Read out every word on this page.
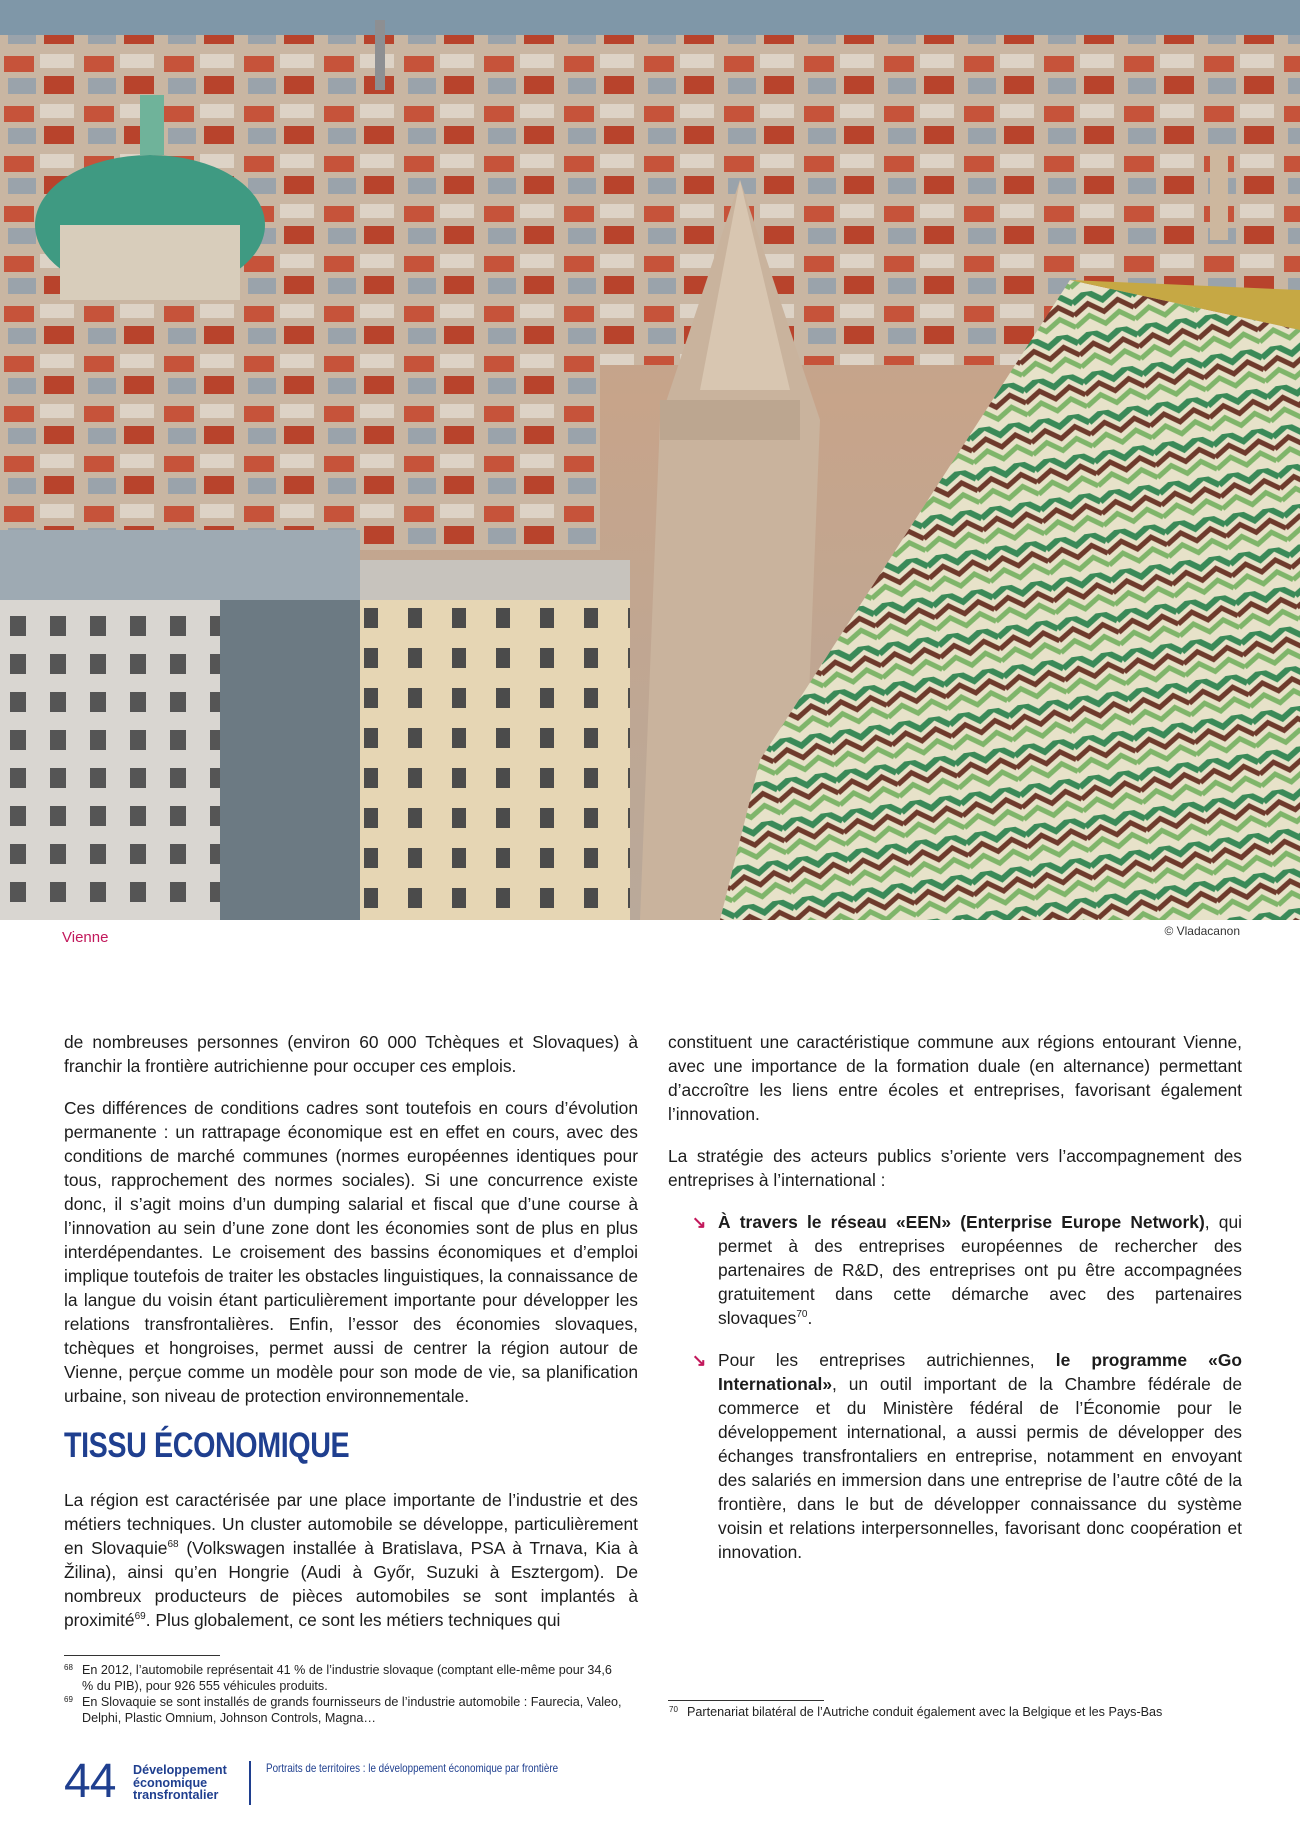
Vienne	© Vladacanon

de nombreuses personnes (environ 60 000 Tchèques et Slovaques) à franchir la frontière autrichienne pour occuper ces emplois.

Ces différences de conditions cadres sont toutefois en cours d’évolution permanente : un rattrapage économique est en effet en cours, avec des conditions de marché communes (normes européennes identiques pour tous, rapprochement des normes sociales). Si une concurrence existe donc, il s’agit moins d’un dumping salarial et fiscal que d’une course à l’innovation au sein d’une zone dont les économies sont de plus en plus interdépendantes. Le croisement des bassins économiques et d’emploi implique toutefois de traiter les obstacles linguistiques, la connaissance de la langue du voisin étant particulièrement importante pour développer les relations transfrontalières. Enfin, l’essor des économies slovaques, tchèques et hongroises, permet aussi de centrer la région autour de Vienne, perçue comme un modèle pour son mode de vie, sa planification urbaine, son niveau de protection environnementale.

TISSU ÉCONOMIQUE

La région est caractérisée par une place importante de l’industrie et des métiers techniques. Un cluster automobile se développe, particulièrement en Slovaquie$^{68}$ (Volkswagen installée à Bratislava, PSA à Trnava, Kia à Žilina), ainsi qu’en Hongrie (Audi à Győr, Suzuki à Esztergom). De nombreux producteurs de pièces automobiles se sont implantés à proximité$^{69}$. Plus globalement, ce sont les métiers techniques qui

constituent une caractéristique commune aux régions entourant Vienne, avec une importance de la formation duale (en alternance) permettant d’accroître les liens entre écoles et entreprises, favorisant également l’innovation.

La stratégie des acteurs publics s’oriente vers l’accompagnement des entreprises à l’international :

↘ À travers le réseau «EEN» (Enterprise Europe Network), qui permet à des entreprises européennes de rechercher des partenaires de R&D, des entreprises ont pu être accompagnées gratuitement dans cette démarche avec des partenaires slovaques$^{70}$.
↘ Pour les entreprises autrichiennes, le programme «Go International», un outil important de la Chambre fédérale de commerce et du Ministère fédéral de l’Économie pour le développement international, a aussi permis de développer des échanges transfrontaliers en entreprise, notamment en envoyant des salariés en immersion dans une entreprise de l’autre côté de la frontière, dans le but de développer connaissance du système voisin et relations interpersonnelles, favorisant donc coopération et innovation.
68 En 2012, l’automobile représentait 41 % de l’industrie slovaque (comptant elle-même pour 34,6 % du PIB), pour 926 555 véhicules produits.
69 En Slovaquie se sont installés de grands fournisseurs de l’industrie automobile : Faurecia, Valeo, Delphi, Plastic Omnium, Johnson Controls, Magna…
70 Partenariat bilatéral de l’Autriche conduit également avec la Belgique et les Pays-Bas
44 Développement
économique
transfrontalier
Portraits de territoires : le développement économique par frontière
